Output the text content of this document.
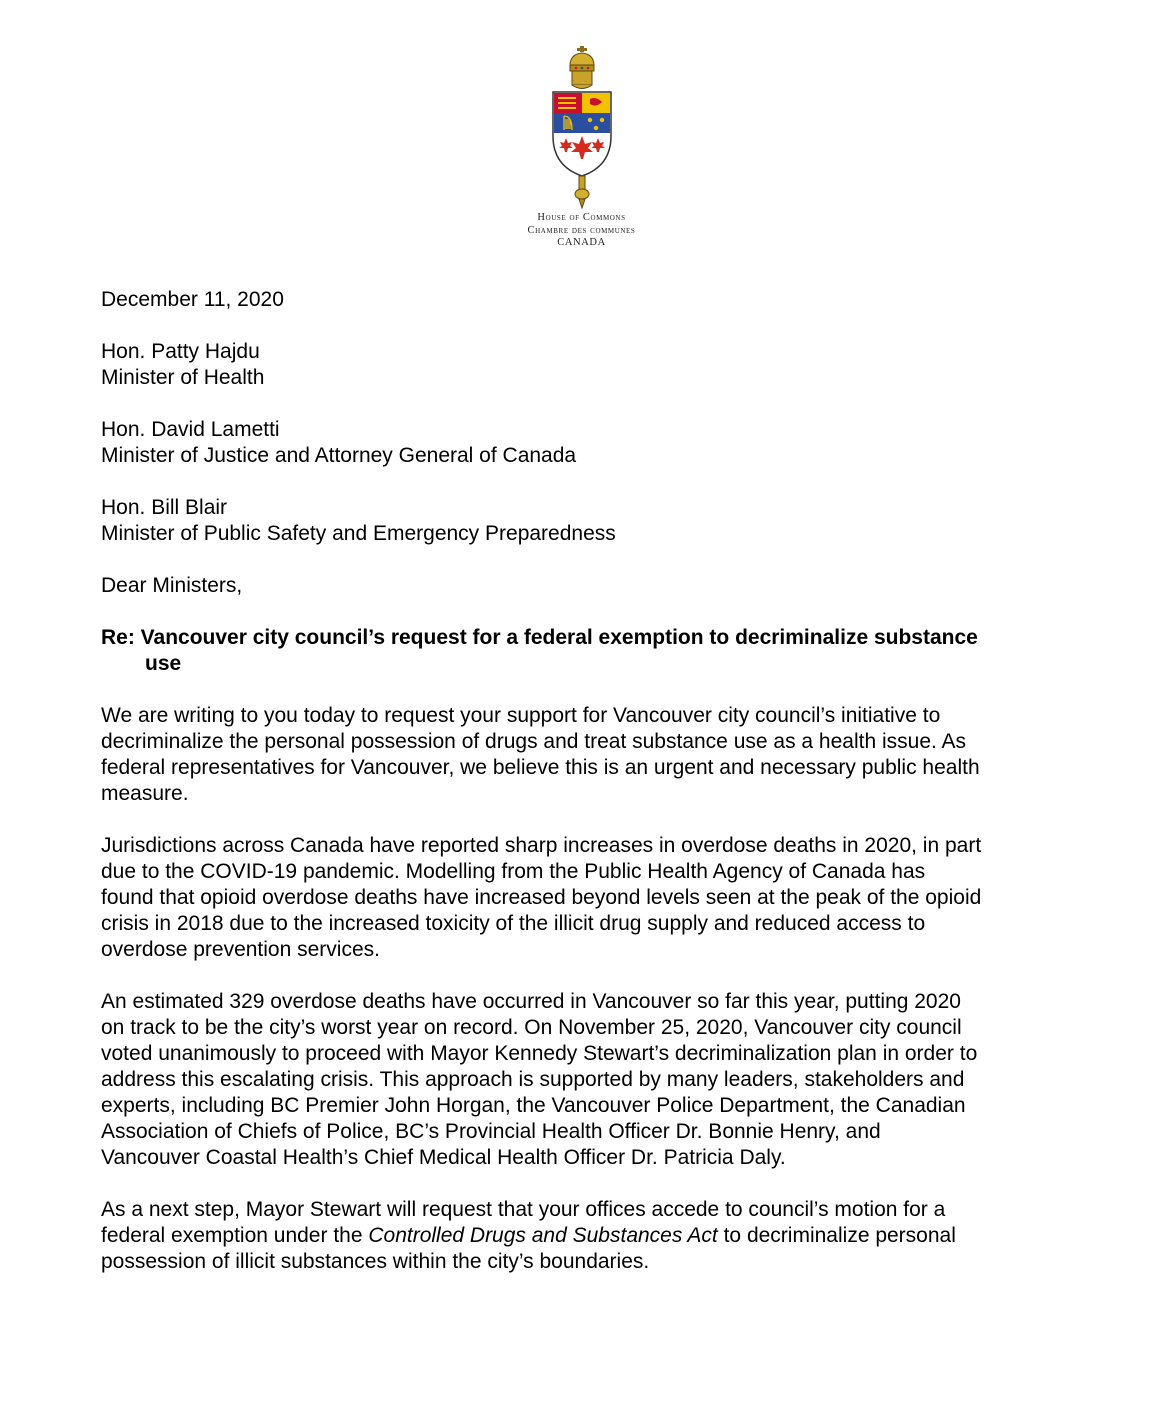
House of Commons
Chambre des communes
CANADA

December 11, 2020

Hon. Patty Hajdu
Minister of Health

Hon. David Lametti
Minister of Justice and Attorney General of Canada

Hon. Bill Blair
Minister of Public Safety and Emergency Preparedness

Dear Ministers,

Re: Vancouver city council’s request for a federal exemption to decriminalize substance
use

We are writing to you today to request your support for Vancouver city council’s initiative to
decriminalize the personal possession of drugs and treat substance use as a health issue. As
federal representatives for Vancouver, we believe this is an urgent and necessary public health
measure.

Jurisdictions across Canada have reported sharp increases in overdose deaths in 2020, in part
due to the COVID-19 pandemic. Modelling from the Public Health Agency of Canada has
found that opioid overdose deaths have increased beyond levels seen at the peak of the opioid
crisis in 2018 due to the increased toxicity of the illicit drug supply and reduced access to
overdose prevention services.

An estimated 329 overdose deaths have occurred in Vancouver so far this year, putting 2020
on track to be the city’s worst year on record. On November 25, 2020, Vancouver city council
voted unanimously to proceed with Mayor Kennedy Stewart’s decriminalization plan in order to
address this escalating crisis. This approach is supported by many leaders, stakeholders and
experts, including BC Premier John Horgan, the Vancouver Police Department, the Canadian
Association of Chiefs of Police, BC’s Provincial Health Officer Dr. Bonnie Henry, and
Vancouver Coastal Health’s Chief Medical Health Officer Dr. Patricia Daly.

As a next step, Mayor Stewart will request that your offices accede to council’s motion for a
federal exemption under the Controlled Drugs and Substances Act to decriminalize personal
possession of illicit substances within the city’s boundaries.
